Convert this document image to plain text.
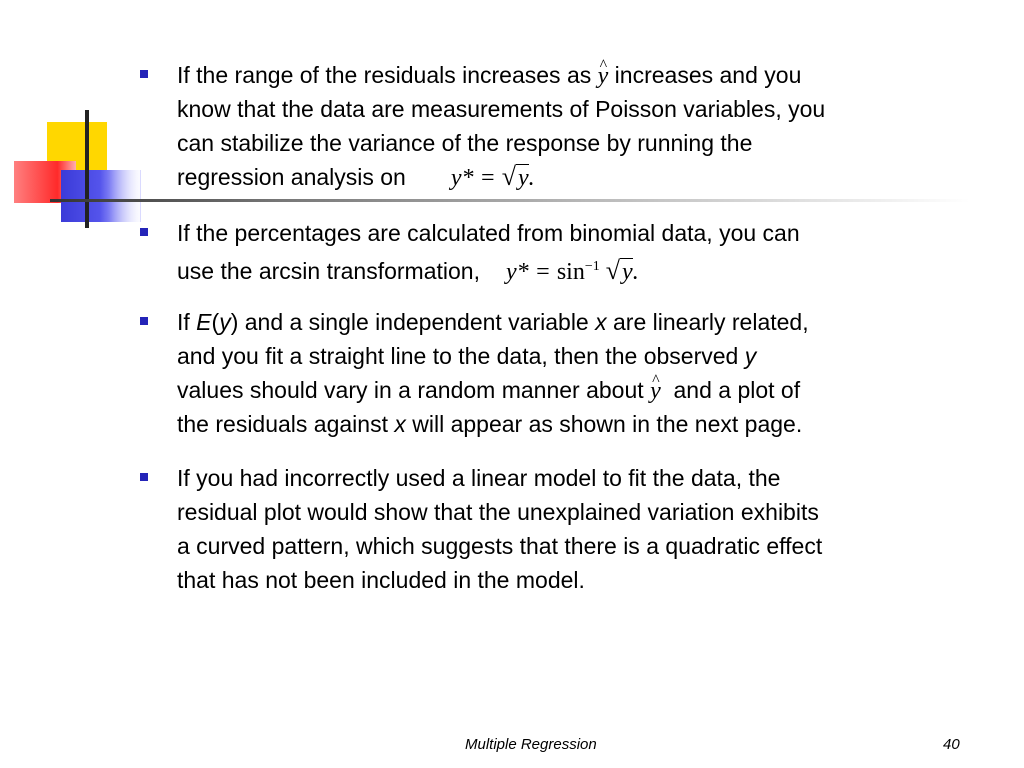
If the range of the residuals increases as ^ y increases and you
know that the data are measurements of Poisson variables, you
can stabilize the variance of the response by running the
regression analysis on y* = √y.
If the percentages are calculated from binomial data, you can
use the arcsin transformation, $y* = \sin^{-1} √y$.
If E(y) and a single independent variable x are linearly related,
and you fit a straight line to the data, then the observed y
values should vary in a random manner about ^ y  and a plot of
the residuals against x will appear as shown in the next page.
If you had incorrectly used a linear model to fit the data, the
residual plot would show that the unexplained variation exhibits
a curved pattern, which suggests that there is a quadratic effect
that has not been included in the model.
Multiple Regression	40
